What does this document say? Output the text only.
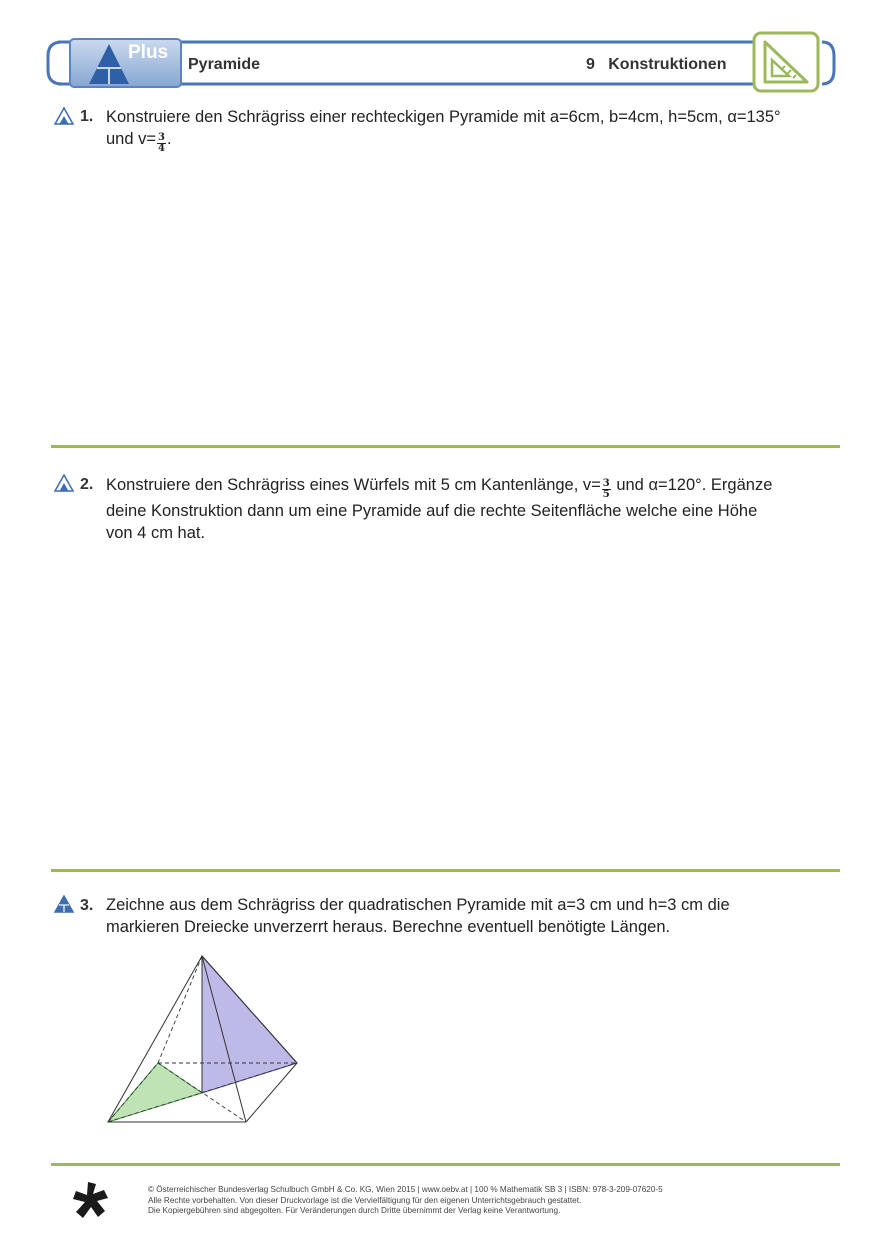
Plus
Pyramide	9 Konstruktionen
1. Konstruiere den Schrägriss einer rechteckigen Pyramide mit a=6cm, b=4cm, h=5cm, α=135°
und $v= \frac{3}{4}$ .
2. Konstruiere den Schrägriss eines Würfels mit 5 cm Kantenlänge, $v= \frac{3}{5}$ und α=120°. Ergänze
deine Konstruktion dann um eine Pyramide auf die rechte Seitenfläche welche eine Höhe
von 4 cm hat.
3. Zeichne aus dem Schrägriss der quadratischen Pyramide mit a=3 cm und h=3 cm die
markieren Dreiecke unverzerrt heraus. Berechne eventuell benötigte Längen.
© Österreichischer Bundesverlag Schulbuch GmbH & Co. KG, Wien 2015 | www.oebv.at | 100 % Mathematik SB 3 | ISBN: 978-3-209-07620-5
Alle Rechte vorbehalten. Von dieser Druckvorlage ist die Vervielfältigung für den eigenen Unterrichtsgebrauch gestattet.
Die Kopiergebühren sind abgegolten. Für Veränderungen durch Dritte übernimmt der Verlag keine Verantwortung.
